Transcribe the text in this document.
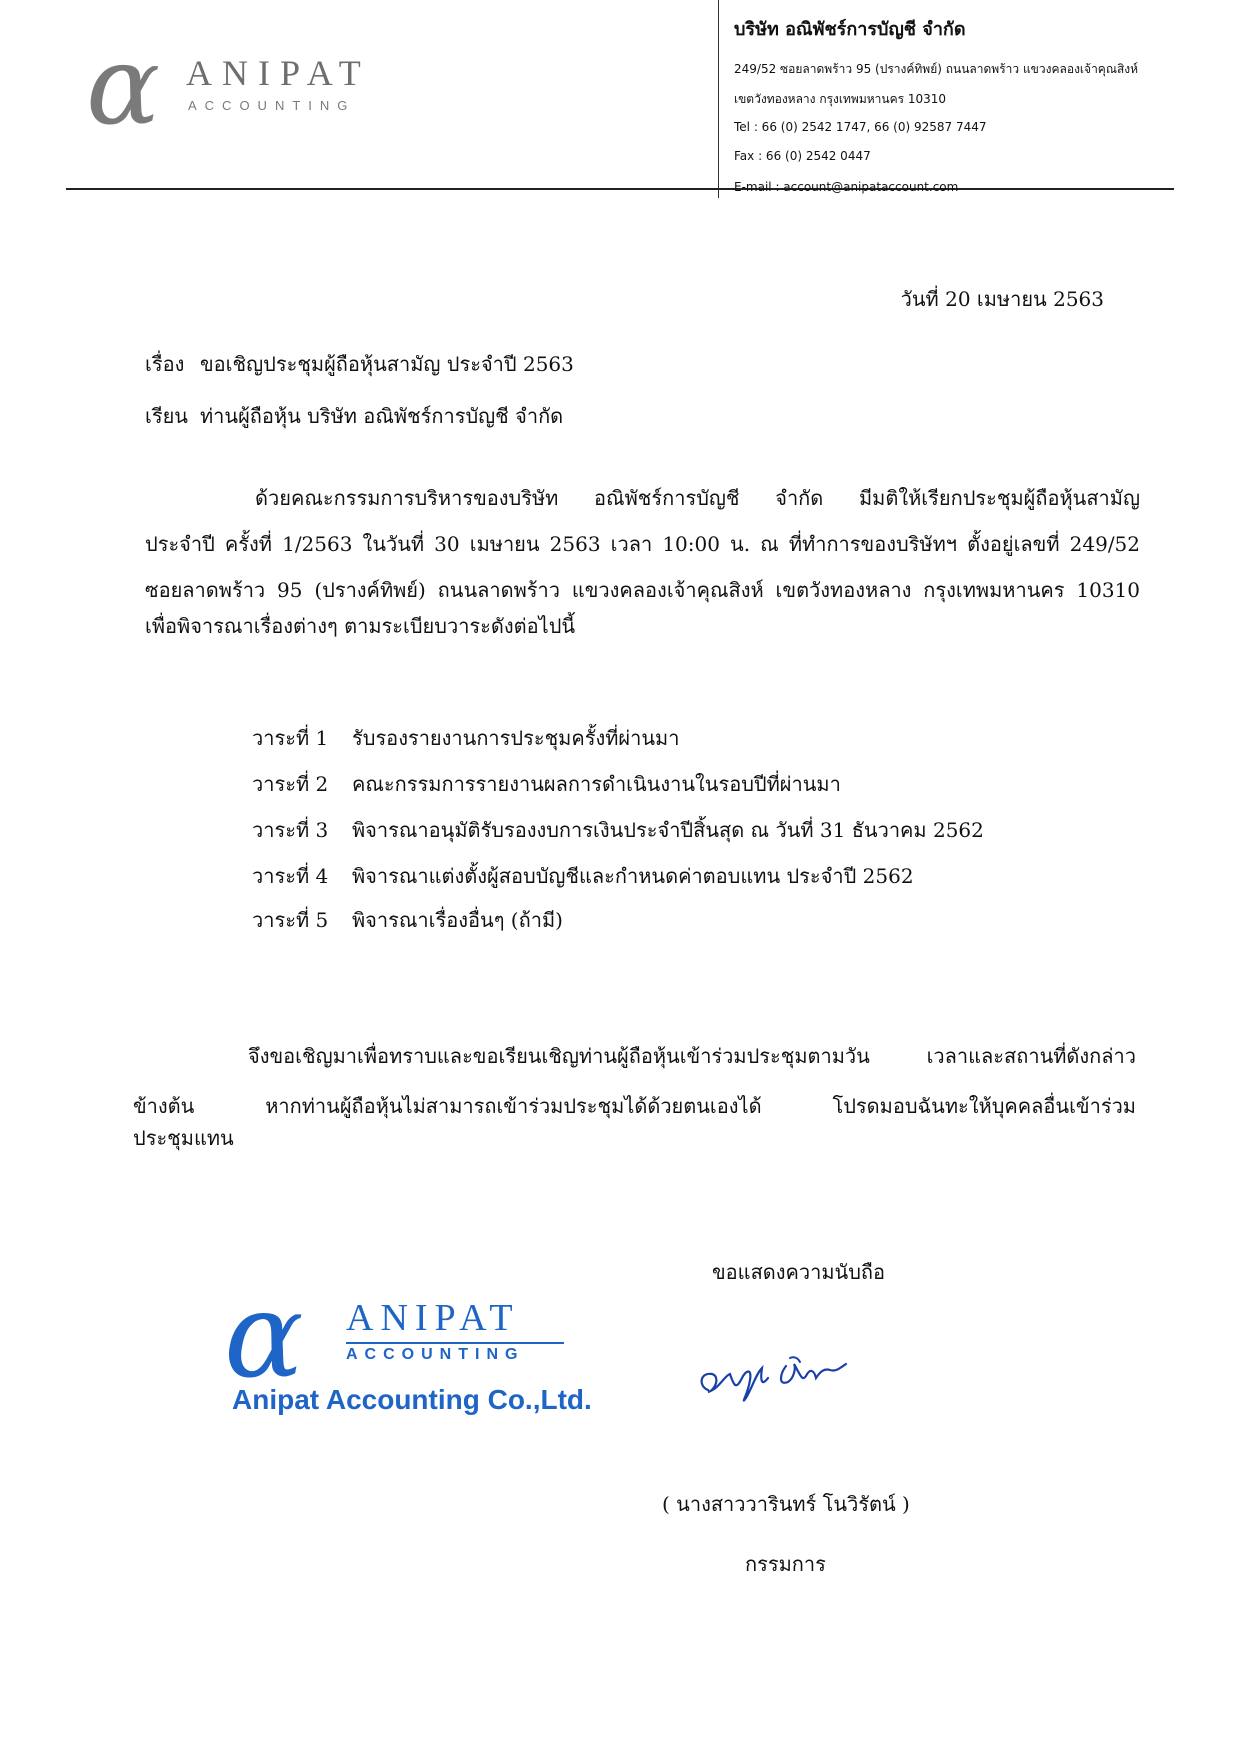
α ANIPAT
ACCOUNTING
บริษัท อณิพัชร์การบัญชี จำกัด
249/52 ซอยลาดพร้าว 95 (ปรางค์ทิพย์) ถนนลาดพร้าว แขวงคลองเจ้าคุณสิงห์
เขตวังทองหลาง กรุงเทพมหานคร 10310
Tel : 66 (0) 2542 1747, 66 (0) 92587 7447
Fax : 66 (0) 2542 0447
E-mail : account@anipataccount.com
วันที่ 20 เมษายน 2563
เรื่อง ขอเชิญประชุมผู้ถือหุ้นสามัญ ประจำปี 2563
เรียน ท่านผู้ถือหุ้น บริษัท อณิพัชร์การบัญชี จำกัด
ด้วยคณะกรรมการบริหารของบริษัท อณิพัชร์การบัญชี จำกัด มีมติให้เรียกประชุมผู้ถือหุ้นสามัญ
ประจำปี ครั้งที่ 1/2563 ในวันที่ 30 เมษายน 2563 เวลา 10:00 น. ณ ที่ทำการของบริษัทฯ ตั้งอยู่เลขที่ 249/52
ซอยลาดพร้าว 95 (ปรางค์ทิพย์) ถนนลาดพร้าว แขวงคลองเจ้าคุณสิงห์ เขตวังทองหลาง กรุงเทพมหานคร 10310
เพื่อพิจารณาเรื่องต่างๆ ตามระเบียบวาระดังต่อไปนี้
วาระที่ 1 รับรองรายงานการประชุมครั้งที่ผ่านมา
วาระที่ 2 คณะกรรมการรายงานผลการดำเนินงานในรอบปีที่ผ่านมา
วาระที่ 3 พิจารณาอนุมัติรับรองงบการเงินประจำปีสิ้นสุด ณ วันที่ 31 ธันวาคม 2562
วาระที่ 4 พิจารณาแต่งตั้งผู้สอบบัญชีและกำหนดค่าตอบแทน ประจำปี 2562
วาระที่ 5 พิจารณาเรื่องอื่นๆ (ถ้ามี)
จึงขอเชิญมาเพื่อทราบและขอเรียนเชิญท่านผู้ถือหุ้นเข้าร่วมประชุมตามวัน เวลาและสถานที่ดังกล่าว
ข้างต้น หากท่านผู้ถือหุ้นไม่สามารถเข้าร่วมประชุมได้ด้วยตนเองได้ โปรดมอบฉันทะให้บุคคลอื่นเข้าร่วม
ประชุมแทน
ขอแสดงความนับถือ
α ANIPAT
ACCOUNTING
Anipat Accounting Co.,Ltd.
( นางสาววารินทร์ โนวิรัตน์ )
กรรมการ
